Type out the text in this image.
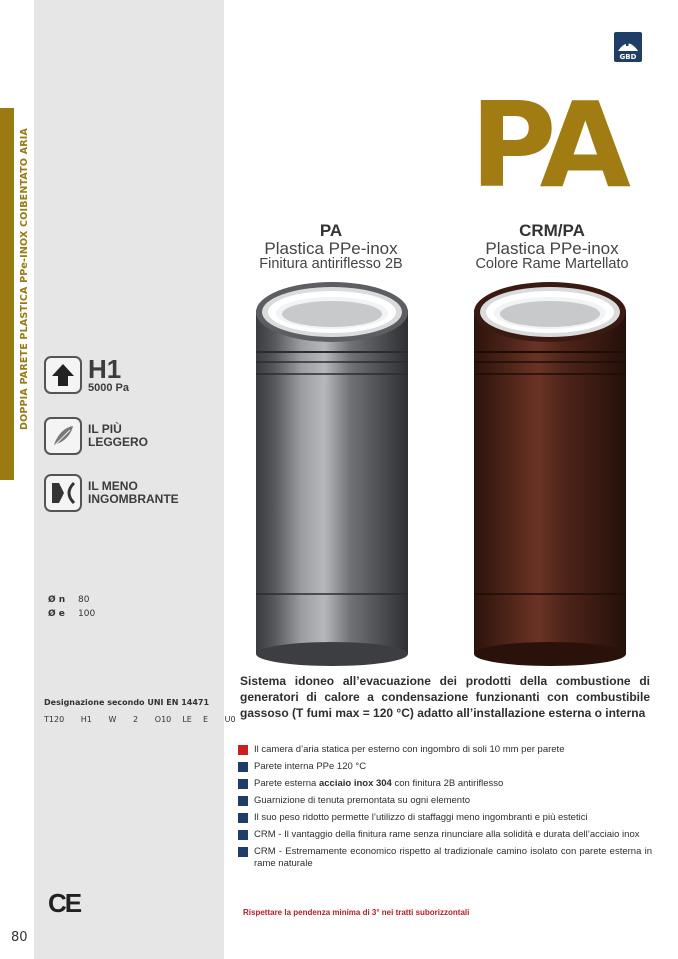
DOPPIA PARETE PLASTICA PPe-INOX COIBENTATO ARIA
80
GBD
PA
PA
Plastica PPe-inox
Finitura antiriflesso 2B
CRM/PA
Plastica PPe-inox
Colore Rame Martellato
H1
5000 Pa
IL PIÙ
LEGGERO
IL MENO
INGOMBRANTE
Ø n 80
Ø e 100
Designazione secondo UNI EN 14471
T120   H1   W   2   O10  LE  E   U0
CE
Sistema idoneo all’evacuazione dei prodotti della combustione di generatori di calore a condensazione funzionanti con combustibile gassoso (T fumi max = 120 °C) adatto all’installazione esterna o interna
Il camera d’aria statica per esterno con ingombro di soli 10 mm per parete
Parete interna PPe 120 °C
Parete esterna acciaio inox 304 con finitura 2B antiriflesso
Guarnizione di tenuta premontata su ogni elemento
Il suo peso ridotto permette l’utilizzo di staffaggi meno ingombranti e più estetici
CRM - Il vantaggio della finitura rame senza rinunciare alla solidità e durata dell’acciaio inox
CRM - Estremamente economico rispetto al tradizionale camino isolato con parete esterna in rame naturale
Rispettare la pendenza minima di 3° nei tratti suborizzontali
